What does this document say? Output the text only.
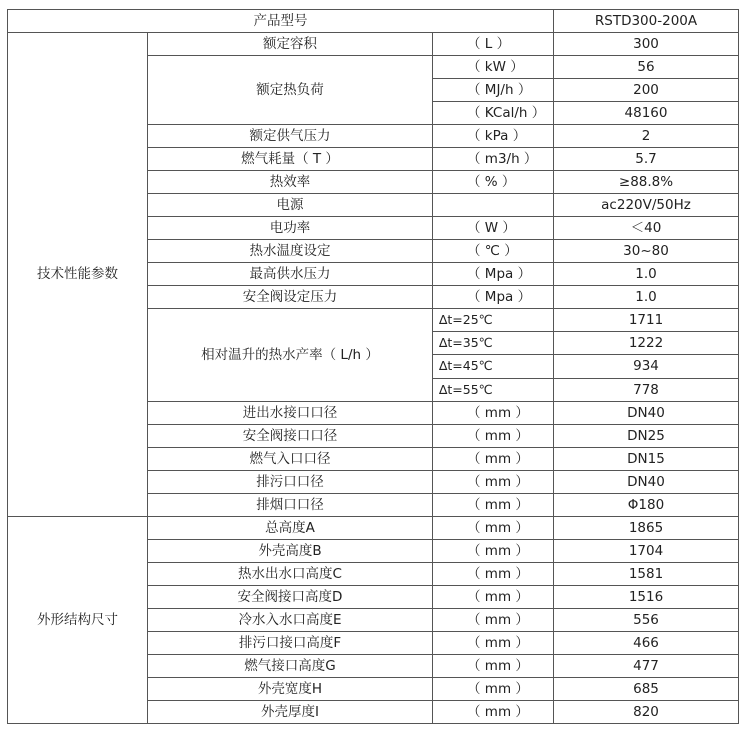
产品型号			RSTD300-200A
技术性能参数	额定容积	（ L ）	300
	额定热负荷	（ kW ）	56
		（ MJ/h ）	200
		（ KCal/h ）	48160
	额定供气压力	（ kPa ）	2
	燃气耗量（ T ）	（ m3/h ）	5.7
	热效率	（ % ）	≥88.8%
	电源		ac220V/50Hz
	电功率	（ W ）	＜40
	热水温度设定	（ ℃ ）	30~80
	最高供水压力	（ Mpa ）	1.0
	安全阀设定压力	（ Mpa ）	1.0
	相对温升的热水产率（ L/h ）	∆t=25℃	1711
		∆t=35℃	1222
		∆t=45℃	934
		∆t=55℃	778
	进出水接口口径	（ mm ）	DN40
	安全阀接口口径	（ mm ）	DN25
	燃气入口口径	（ mm ）	DN15
	排污口口径	（ mm ）	DN40
	排烟口口径	（ mm ）	Φ180
外形结构尺寸	总高度A	（ mm ）	1865
	外壳高度B	（ mm ）	1704
	热水出水口高度C	（ mm ）	1581
	安全阀接口高度D	（ mm ）	1516
	冷水入水口高度E	（ mm ）	556
	排污口接口高度F	（ mm ）	466
	燃气接口高度G	（ mm ）	477
	外壳宽度H	（ mm ）	685
	外壳厚度I	（ mm ）	820
